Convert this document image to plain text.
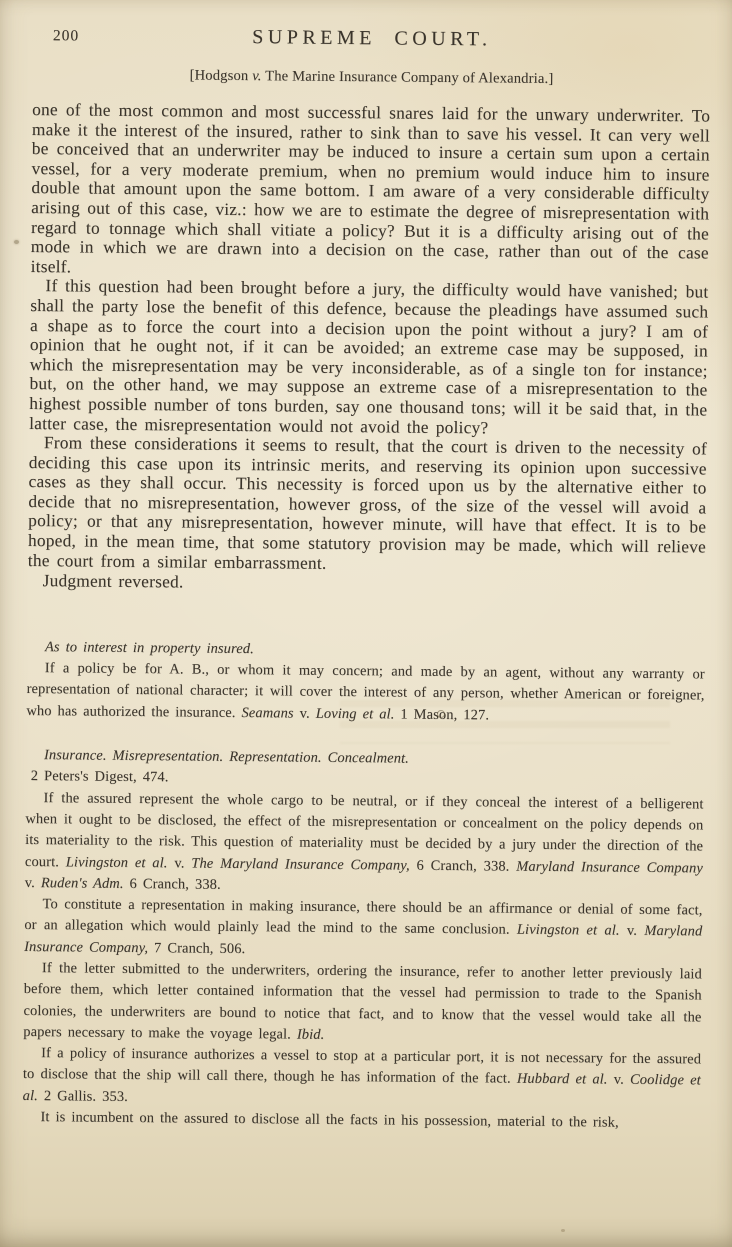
200	SUPREME COURT.
[Hodgson v. The Marine Insurance Company of Alexandria.]

one of the most common and most successful snares laid for the unwary underwriter. To make it the interest of the insured, rather to sink than to save his vessel. It can very well be conceived that an underwriter may be induced to insure a certain sum upon a certain vessel, for a very moderate premium, when no premium would induce him to insure double that amount upon the same bottom. I am aware of a very considerable difficulty arising out of this case, viz.: how we are to estimate the degree of misrepresentation with regard to tonnage which shall vitiate a policy? But it is a difficulty arising out of the mode in which we are drawn into a decision on the case, rather than out of the case itself.

If this question had been brought before a jury, the difficulty would have vanished; but shall the party lose the benefit of this defence, because the pleadings have assumed such a shape as to force the court into a decision upon the point without a jury? I am of opinion that he ought not, if it can be avoided; an extreme case may be supposed, in which the misrepresentation may be very inconsiderable, as of a single ton for instance; but, on the other hand, we may suppose an extreme case of a misrepresentation to the highest possible number of tons burden, say one thousand tons; will it be said that, in the latter case, the misrepresentation would not avoid the policy?

From these considerations it seems to result, that the court is driven to the necessity of deciding this case upon its intrinsic merits, and reserving its opinion upon successive cases as they shall occur. This necessity is forced upon us by the alternative either to decide that no misrepresentation, however gross, of the size of the vessel will avoid a policy; or that any misrepresentation, however minute, will have that effect. It is to be hoped, in the mean time, that some statutory provision may be made, which will relieve the court from a similar embarrassment.

Judgment reversed.

As to interest in property insured.

If a policy be for A. B., or whom it may concern; and made by an agent, without any warranty or representation of national character; it will cover the interest of any person, whether American or foreigner, who has authorized the insurance. Seamans v. Loving et al. 1 Mason, 127.

Insurance. Misrepresentation. Representation. Concealment.

2 Peters's Digest, 474.

If the assured represent the whole cargo to be neutral, or if they conceal the interest of a belligerent when it ought to be disclosed, the effect of the misrepresentation or concealment on the policy depends on its materiality to the risk. This question of materiality must be decided by a jury under the direction of the court. Livingston et al. v. The Maryland Insurance Company, 6 Cranch, 338. Maryland Insurance Company v. Ruden's Adm. 6 Cranch, 338.

To constitute a representation in making insurance, there should be an affirmance or denial of some fact, or an allegation which would plainly lead the mind to the same conclusion. Livingston et al. v. Maryland Insurance Company, 7 Cranch, 506.

If the letter submitted to the underwriters, ordering the insurance, refer to another letter previously laid before them, which letter contained information that the vessel had permission to trade to the Spanish colonies, the underwriters are bound to notice that fact, and to know that the vessel would take all the papers necessary to make the voyage legal. Ibid.

If a policy of insurance authorizes a vessel to stop at a particular port, it is not necessary for the assured to disclose that the ship will call there, though he has information of the fact. Hubbard et al. v. Coolidge et al. 2 Gallis. 353.

It is incumbent on the assured to disclose all the facts in his possession, material to the risk,
